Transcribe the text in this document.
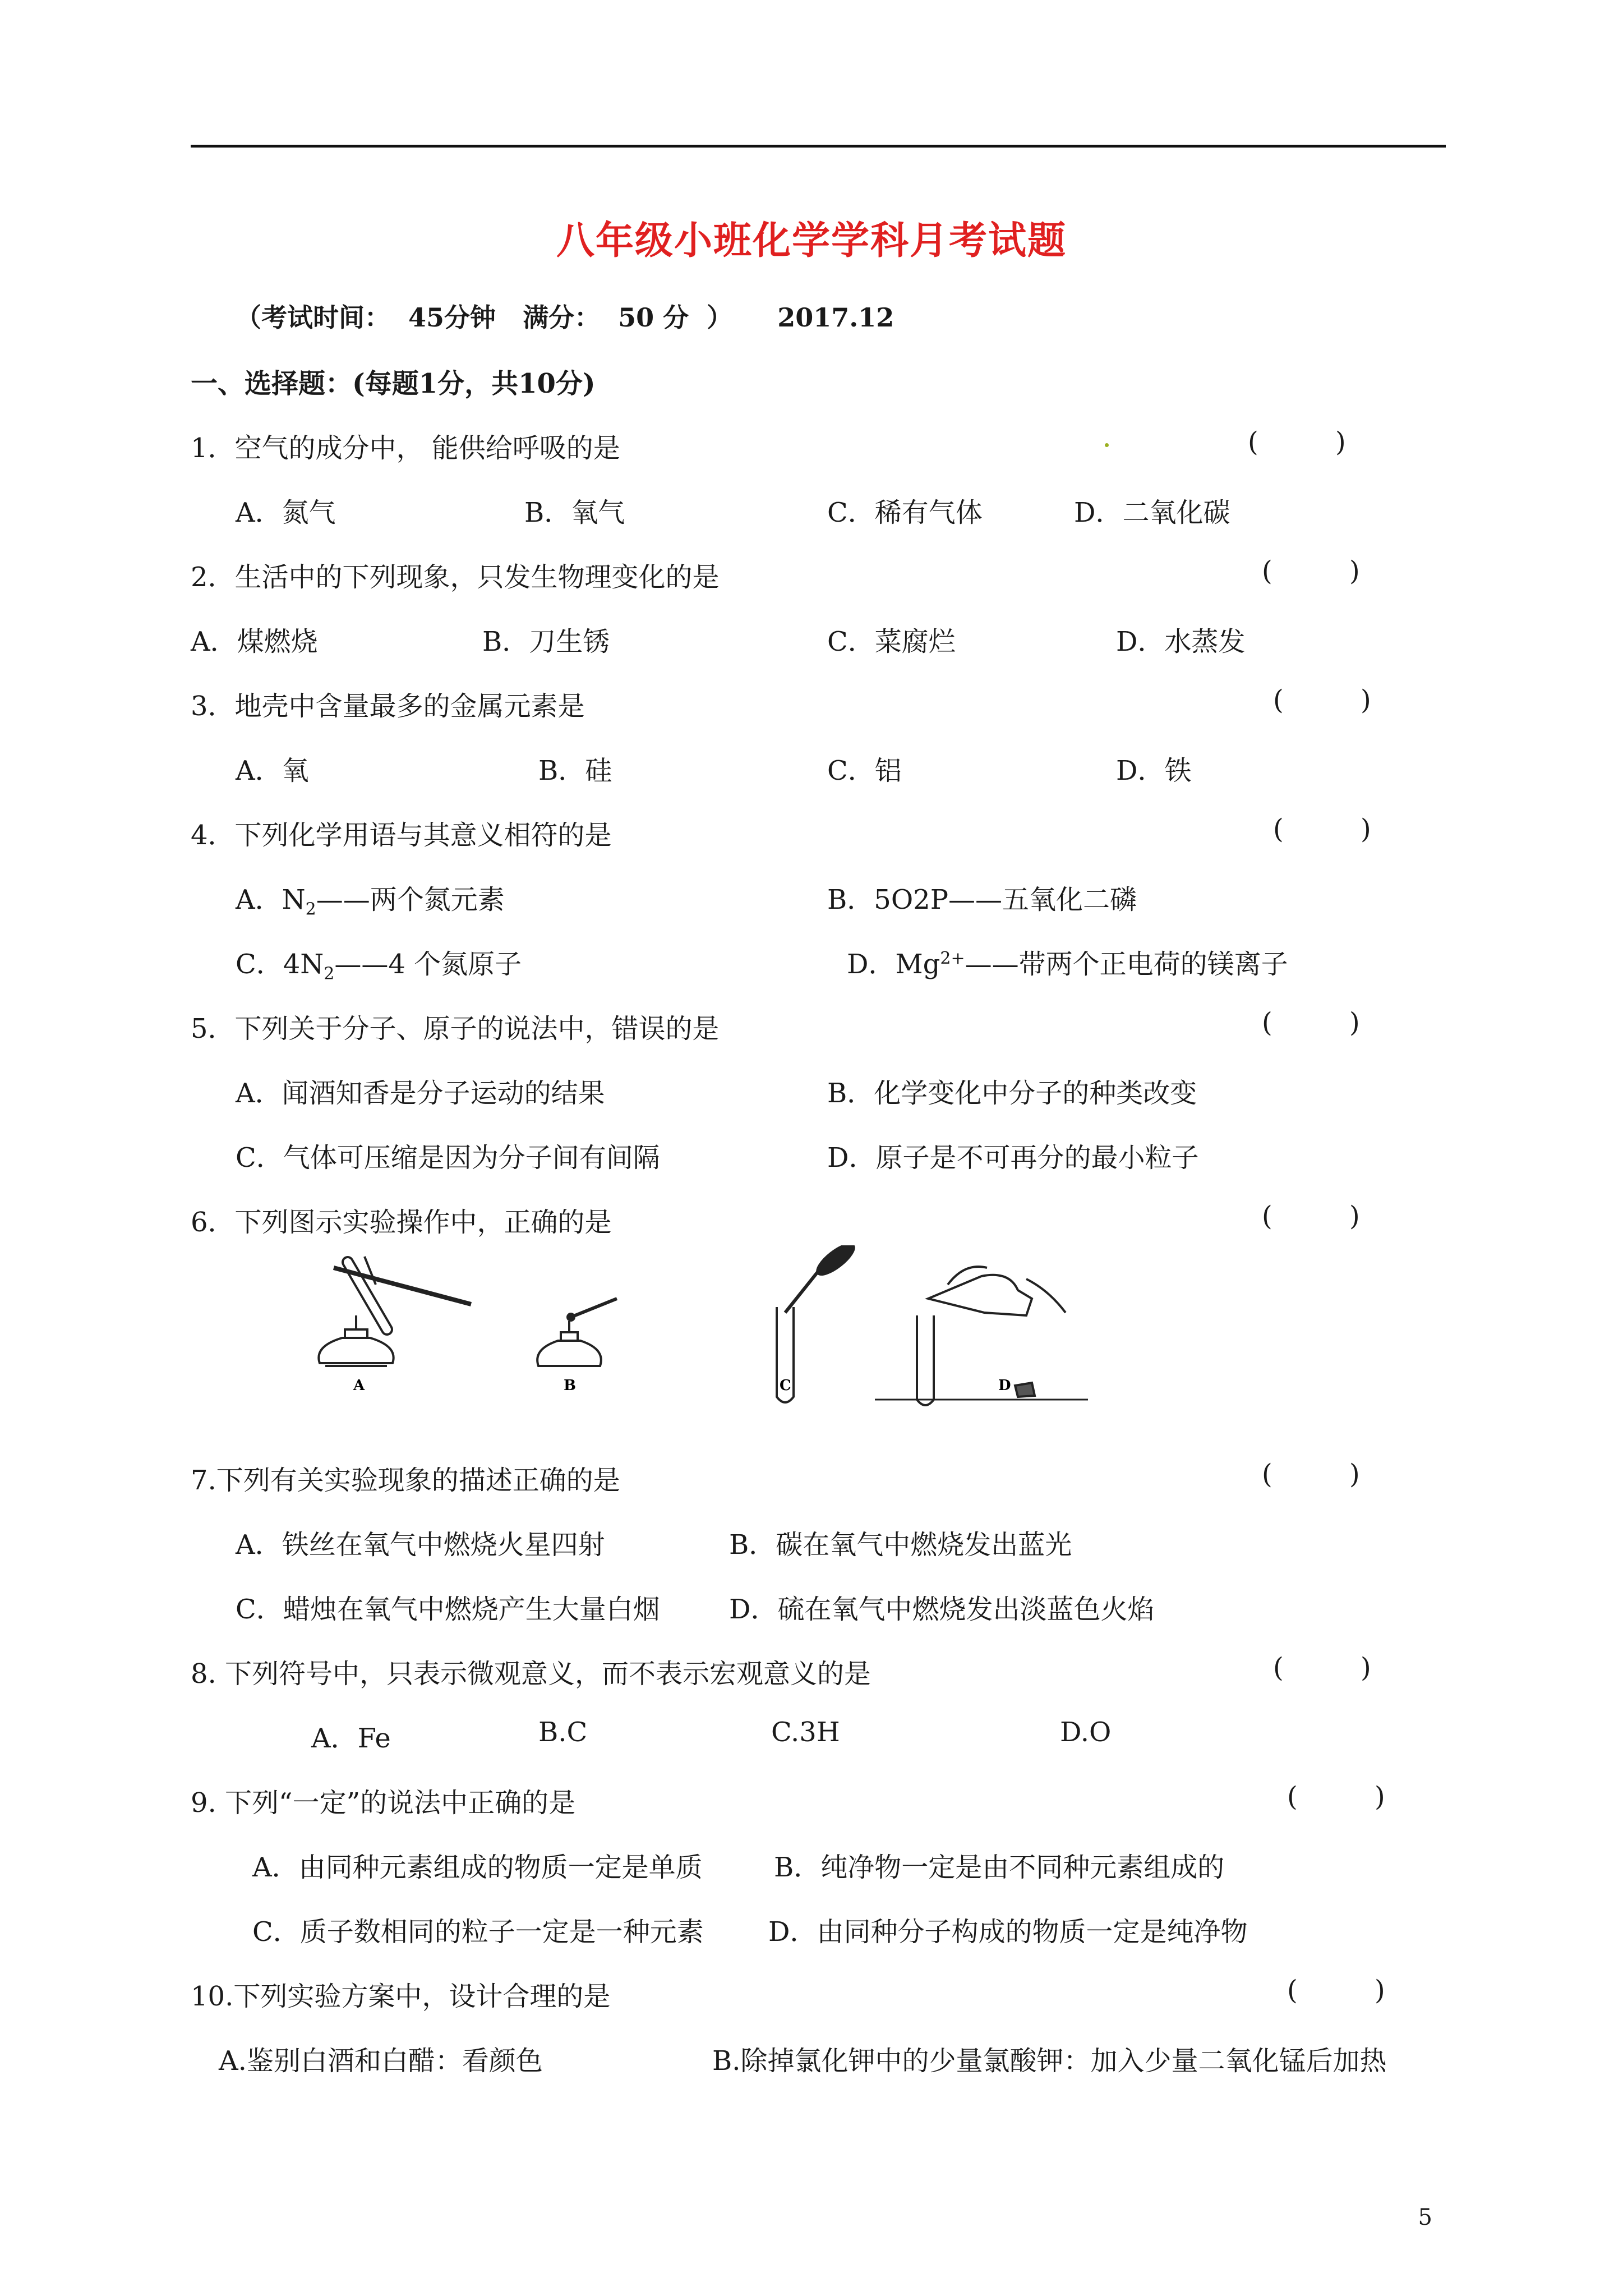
八年级小班化学学科月考试题
（考试时间：  45分钟   满分：  50 分  ）     2017.12
一、选择题：(每题1分，共10分)
1．空气的成分中， 能供给呼吸的是	(         )
A．氮气	B．氧气	C．稀有气体	D．二氧化碳
2．生活中的下列现象，只发生物理变化的是	(         )
A．煤燃烧	B．刀生锈	C．菜腐烂	D．水蒸发
3．地壳中含量最多的金属元素是	(         )
A．氧	B．硅	C．铝	D．铁
4．下列化学用语与其意义相符的是	(         )
A．$N_2——$两个氮元素	B．5O2P——五氧化二磷
C．$4N_2——4$ 个氮原子	D．$Mg^{2+}——$带两个正电荷的镁离子
5．下列关于分子、原子的说法中，错误的是	(         )
A．闻酒知香是分子运动的结果	B．化学变化中分子的种类改变
C．气体可压缩是因为分子间有间隔	D．原子是不可再分的最小粒子
6．下列图示实验操作中，正确的是	(         )
A	B	C	D
7.下列有关实验现象的描述正确的是	(         )
A．铁丝在氧气中燃烧火星四射	B．碳在氧气中燃烧发出蓝光
C．蜡烛在氧气中燃烧产生大量白烟	D．硫在氧气中燃烧发出淡蓝色火焰
8. 下列符号中，只表示微观意义，而不表示宏观意义的是	(         )
A．Fe	B.C	C.3H	D.O
9. 下列“一定”的说法中正确的是	(         )
A．由同种元素组成的物质一定是单质	B．纯净物一定是由不同种元素组成的
C．质子数相同的粒子一定是一种元素 D．由同种分子构成的物质一定是纯净物
10.下列实验方案中，设计合理的是	(         )
A.鉴别白酒和白醋：看颜色	B.除掉氯化钾中的少量氯酸钾：加入少量二氧化锰后加热
5
